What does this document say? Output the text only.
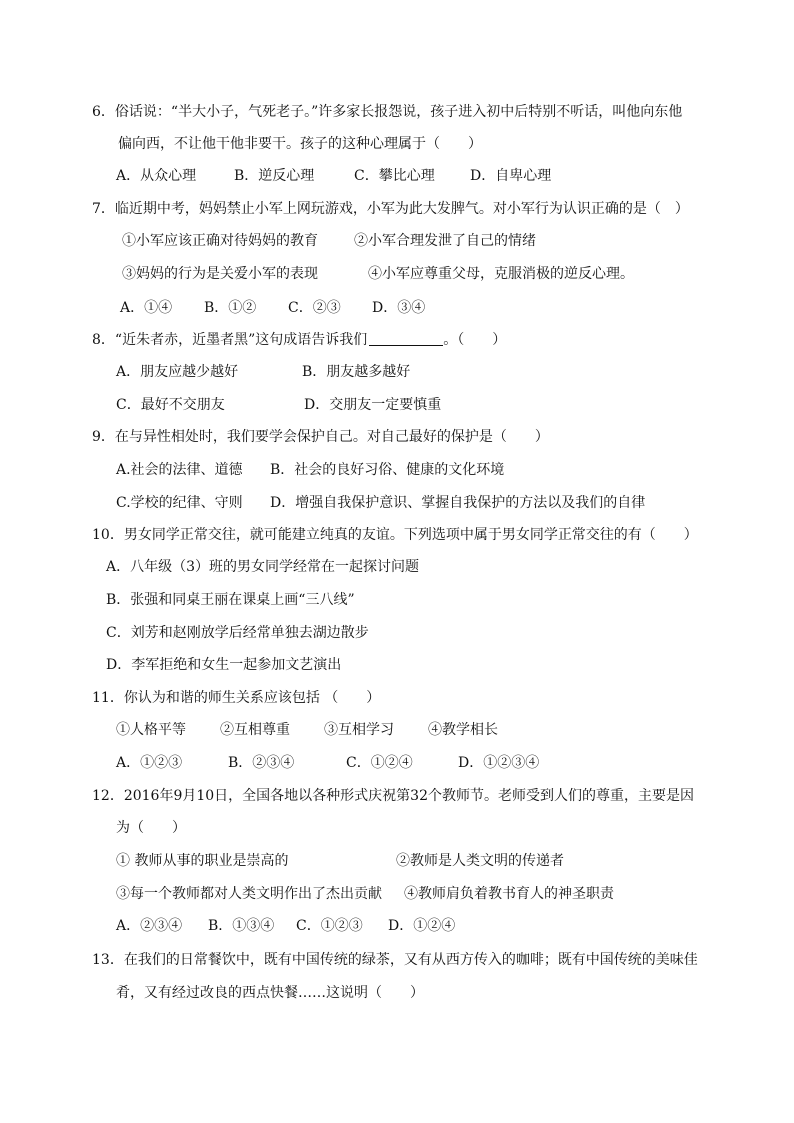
6．俗话说：“半大小子，气死老子。”许多家长报怨说，孩子进入初中后特别不听话，叫他向东他
偏向西，不让他干他非要干。孩子的这种心理属于（　　）
A．从众心理	B．逆反心理	C．攀比心理	D．自卑心理
7．临近期中考，妈妈禁止小军上网玩游戏，小军为此大发脾气。对小军行为认识正确的是（　）
①小军应该正确对待妈妈的教育	②小军合理发泄了自己的情绪
③妈妈的行为是关爱小军的表现	④小军应尊重父母，克服消极的逆反心理。
A．①④ B．①② C．②③ D．③④
8．“近朱者赤，近墨者黑”这句成语告诉我们	。（　　）
A．朋友应越少越好	B．朋友越多越好
C．最好不交朋友	D．交朋友一定要慎重
9．在与异性相处时，我们要学会保护自己。对自己最好的保护是（　　）
A.社会的法律、道德 B．社会的良好习俗、健康的文化环境
C.学校的纪律、守则 D．增强自我保护意识、掌握自我保护的方法以及我们的自律
10．男女同学正常交往，就可能建立纯真的友谊。下列选项中属于男女同学正常交往的有（　　）
A．八年级（3）班的男女同学经常在一起探讨问题
B．张强和同桌王丽在课桌上画“三八线”
C．刘芳和赵刚放学后经常单独去湖边散步
D．李军拒绝和女生一起参加文艺演出
11．你认为和谐的师生关系应该包括 （　　）
①人格平等 ②互相尊重 ③互相学习 ④教学相长
A．①②③	B．②③④	C．①②④	D．①②③④
12．2016年9月10日，全国各地以各种形式庆祝第32个教师节。老师受到人们的尊重，主要是因
为（　　）
① 教师从事的职业是崇高的	②教师是人类文明的传递者
③每一个教师都对人类文明作出了杰出贡献 ④教师肩负着教书育人的神圣职责
A．②③④ B．①③④ C．①②③ D．①②④
13．在我们的日常餐饮中，既有中国传统的绿茶，又有从西方传入的咖啡；既有中国传统的美味佳
肴，又有经过改良的西点快餐……这说明（　　）
